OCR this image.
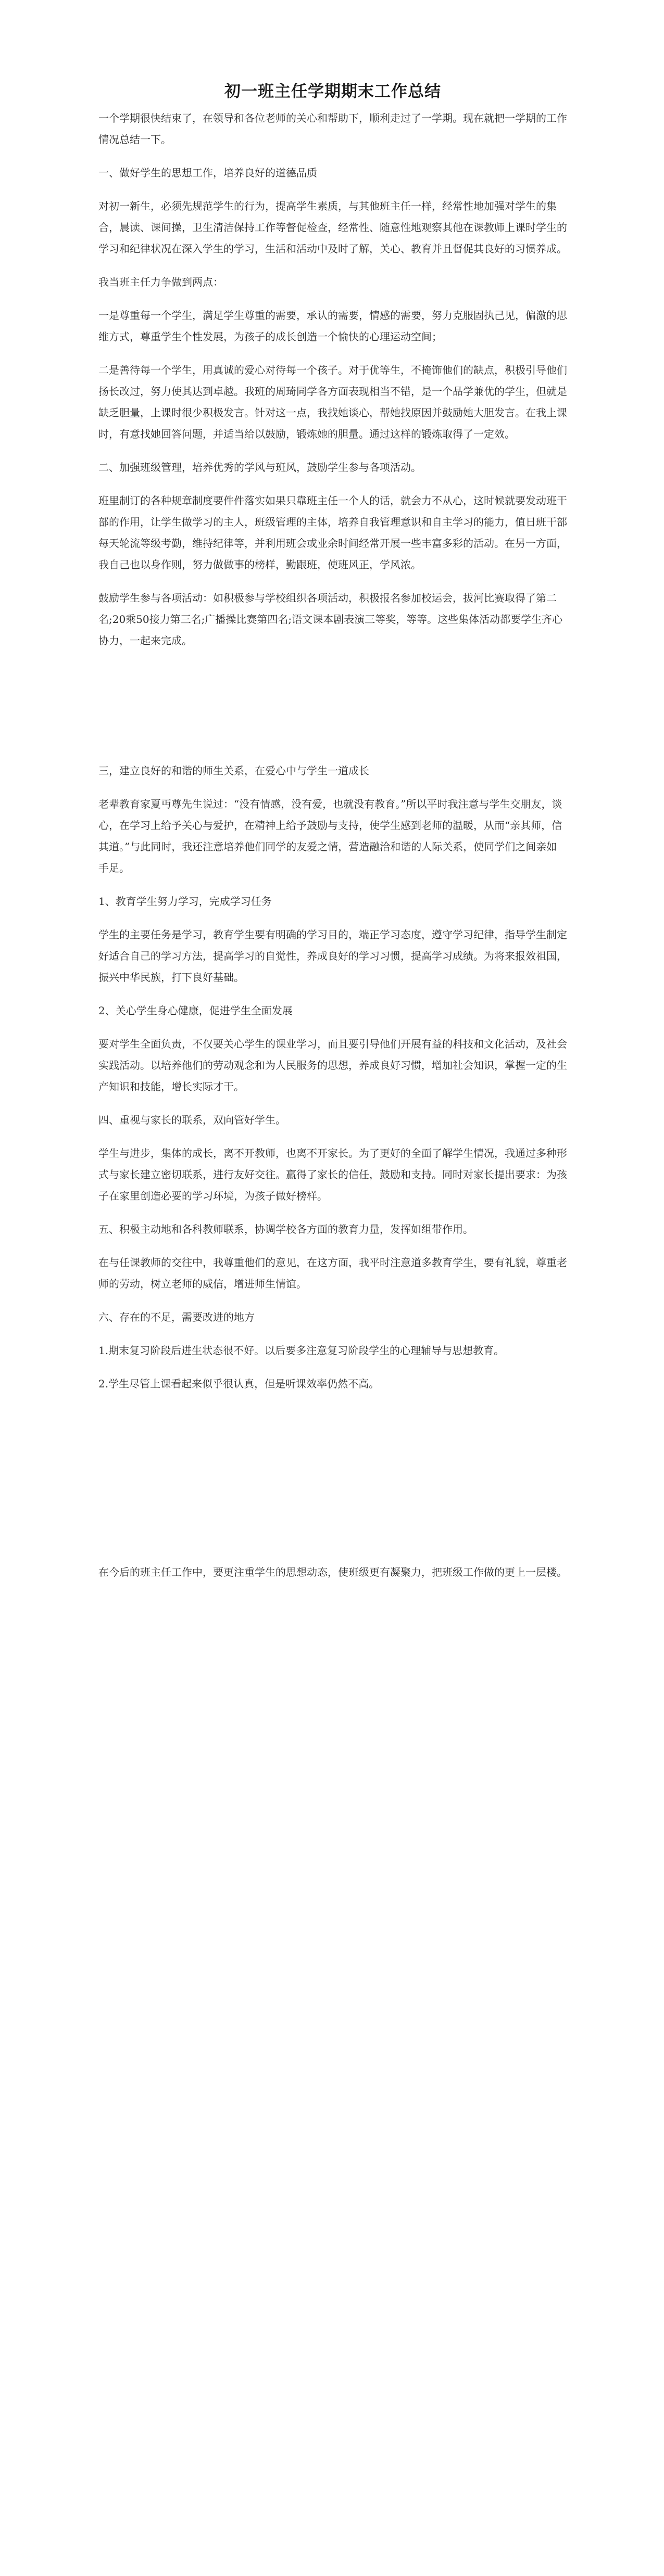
初一班主任学期期末工作总结

一个学期很快结束了，在领导和各位老师的关心和帮助下，顺利走过了一学期。现在就把一学期的工作情况总结一下。

一、做好学生的思想工作，培养良好的道德品质

对初一新生，必须先规范学生的行为，提高学生素质，与其他班主任一样，经常性地加强对学生的集合，晨读、课间操，卫生清洁保持工作等督促检查，经常性、随意性地观察其他在课教师上课时学生的学习和纪律状况在深入学生的学习，生活和活动中及时了解，关心、教育并且督促其良好的习惯养成。

我当班主任力争做到两点：

一是尊重每一个学生，满足学生尊重的需要，承认的需要，情感的需要，努力克服固执己见，偏激的思维方式，尊重学生个性发展，为孩子的成长创造一个愉快的心理运动空间；

二是善待每一个学生，用真诚的爱心对待每一个孩子。对于优等生，不掩饰他们的缺点，积极引导他们扬长改过，努力使其达到卓越。我班的周琦同学各方面表现相当不错，是一个品学兼优的学生，但就是缺乏胆量，上课时很少积极发言。针对这一点，我找她谈心，帮她找原因并鼓励她大胆发言。在我上课时，有意找她回答问题，并适当给以鼓励，锻炼她的胆量。通过这样的锻炼取得了一定效。

二、加强班级管理，培养优秀的学风与班风，鼓励学生参与各项活动。

班里制订的各种规章制度要件件落实如果只靠班主任一个人的话，就会力不从心，这时候就要发动班干部的作用，让学生做学习的主人，班级管理的主体，培养自我管理意识和自主学习的能力，值日班干部每天轮流等级考勤，维持纪律等，并利用班会或业余时间经常开展一些丰富多彩的活动。在另一方面，我自己也以身作则，努力做做事的榜样，勤跟班，使班风正，学风浓。

鼓励学生参与各项活动：如积极参与学校组织各项活动，积极报名参加校运会，拔河比赛取得了第二名;20乘50接力第三名;广播操比赛第四名;语文课本剧表演三等奖，等等。这些集体活动都要学生齐心协力，一起来完成。

三，建立良好的和谐的师生关系，在爱心中与学生一道成长

老辈教育家夏丏尊先生说过：“没有情感，没有爱，也就没有教育。”所以平时我注意与学生交朋友，谈心，在学习上给予关心与爱护，在精神上给予鼓励与支持，使学生感到老师的温暖，从而“亲其师，信其道。”与此同时，我还注意培养他们同学的友爱之情，营造融洽和谐的人际关系，使同学们之间亲如手足。

1、教育学生努力学习，完成学习任务

学生的主要任务是学习，教育学生要有明确的学习目的，端正学习态度，遵守学习纪律，指导学生制定好适合自己的学习方法，提高学习的自觉性，养成良好的学习习惯，提高学习成绩。为将来报效祖国，振兴中华民族，打下良好基础。

2、关心学生身心健康，促进学生全面发展

要对学生全面负责，不仅要关心学生的课业学习，而且要引导他们开展有益的科技和文化活动，及社会实践活动。以培养他们的劳动观念和为人民服务的思想，养成良好习惯，增加社会知识，掌握一定的生产知识和技能，增长实际才干。

四、重视与家长的联系，双向管好学生。

学生与进步，集体的成长，离不开教师，也离不开家长。为了更好的全面了解学生情况，我通过多种形式与家长建立密切联系，进行友好交往。赢得了家长的信任，鼓励和支持。同时对家长提出要求：为孩子在家里创造必要的学习环境，为孩子做好榜样。

五、积极主动地和各科教师联系，协调学校各方面的教育力量，发挥如组带作用。

在与任课教师的交往中，我尊重他们的意见，在这方面，我平时注意道多教育学生，要有礼貌，尊重老师的劳动，树立老师的威信，增进师生情谊。

六、存在的不足，需要改进的地方

1.期末复习阶段后进生状态很不好。以后要多注意复习阶段学生的心理辅导与思想教育。

2.学生尽管上课看起来似乎很认真，但是听课效率仍然不高。

在今后的班主任工作中，要更注重学生的思想动态，使班级更有凝聚力，把班级工作做的更上一层楼。
